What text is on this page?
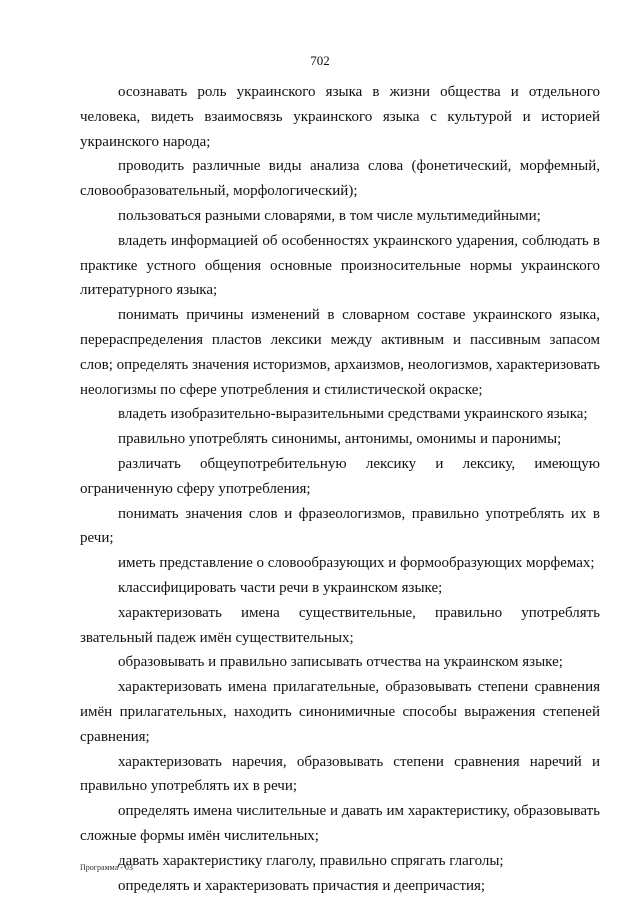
702

осознавать роль украинского языка в жизни общества и отдельного человека, видеть взаимосвязь украинского языка с культурой и историей украинского народа;

проводить различные виды анализа слова (фонетический, морфемный, словообразовательный, морфологический);

пользоваться разными словарями, в том числе мультимедийными;

владеть информацией об особенностях украинского ударения, соблюдать в практике устного общения основные произносительные нормы украинского литературного языка;

понимать причины изменений в словарном составе украинского языка, перераспределения пластов лексики между активным и пассивным запасом слов; определять значения историзмов, архаизмов, неологизмов, характеризовать неологизмы по сфере употребления и стилистической окраске;

владеть изобразительно-выразительными средствами украинского языка;

правильно употреблять синонимы, антонимы, омонимы и паронимы;

различать общеупотребительную лексику и лексику, имеющую ограниченную сферу употребления;

понимать значения слов и фразеологизмов, правильно употреблять их в речи;

иметь представление о словообразующих и формообразующих морфемах;

классифицировать части речи в украинском языке;

характеризовать имена существительные, правильно употреблять звательный падеж имён существительных;

образовывать и правильно записывать отчества на украинском языке;

характеризовать имена прилагательные, образовывать степени сравнения имён прилагательных, находить синонимичные способы выражения степеней сравнения;

характеризовать наречия, образовывать степени сравнения наречий и правильно употреблять их в речи;

определять имена числительные и давать им характеристику, образовывать сложные формы имён числительных;

давать характеристику глаголу, правильно спрягать глаголы;

определять и характеризовать причастия и деепричастия;

Программа - 03
